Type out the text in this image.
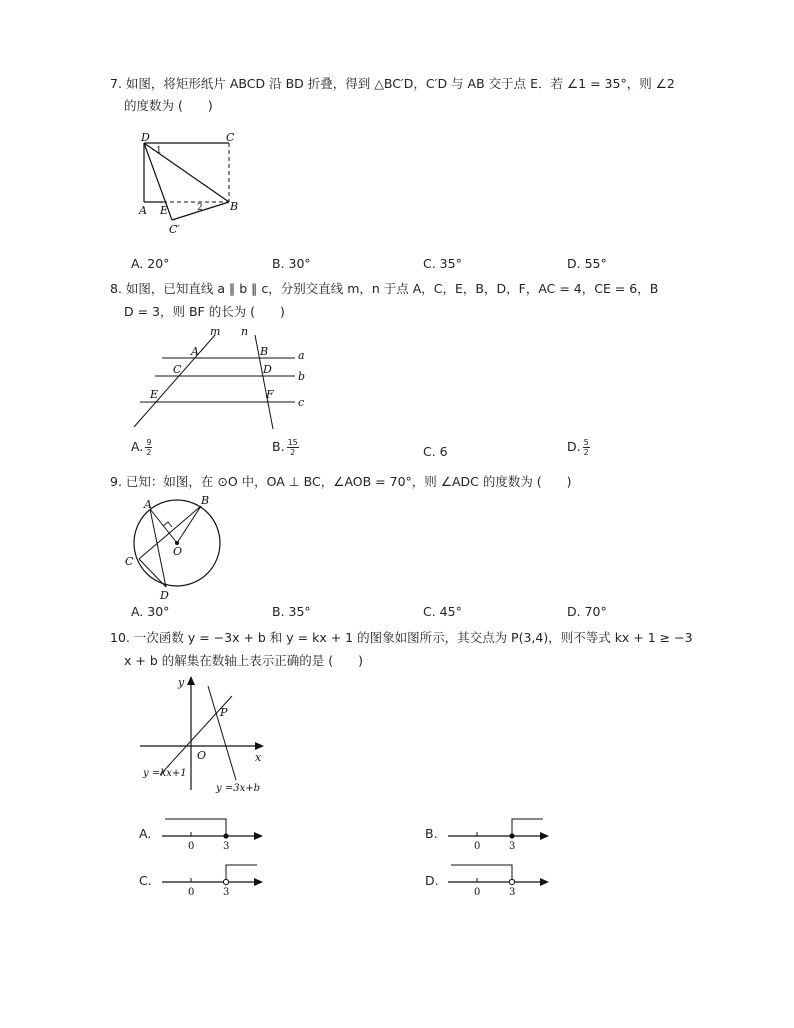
7. 如图，将矩形纸片 ABCD 沿 BD 折叠，得到 △BC′D，C′D 与 AB 交于点 E．若 ∠1 = 35°，则 ∠2
的度数为 (　　)
D	C
A E	B
C′
1
2
A. 20°	B. 30°	C. 35°	D. 55°
8. 如图，已知直线 a ∥ b ∥ c，分别交直线 m，n 于点 A，C，E，B，D，F，AC = 4，CE = 6，B
D = 3，则 BF 的长为 (　　)
m n
A	B
C	D
E	F
a
b
c
A. $\frac{9}{2}$	B. $\frac{15}{2}$	C. 6	D. $\frac{5}{2}$
9. 已知：如图，在 ⊙O 中，OA ⊥ BC，∠AOB = 70°，则 ∠ADC 的度数为 (　　)
A	B
O
C
D
A. 30°	B. 35°	C. 45°	D. 70°
10. 一次函数 y = −3x + b 和 y = kx + 1 的图象如图所示，其交点为 P(3,4)，则不等式 kx + 1 ≥ −3
x + b 的解集在数轴上表示正确的是 (　　)
y
x
O
P
y =kx+1
y =3x+b
A.
0	3
B.
0	3
C.
0	3
D.
0	3
